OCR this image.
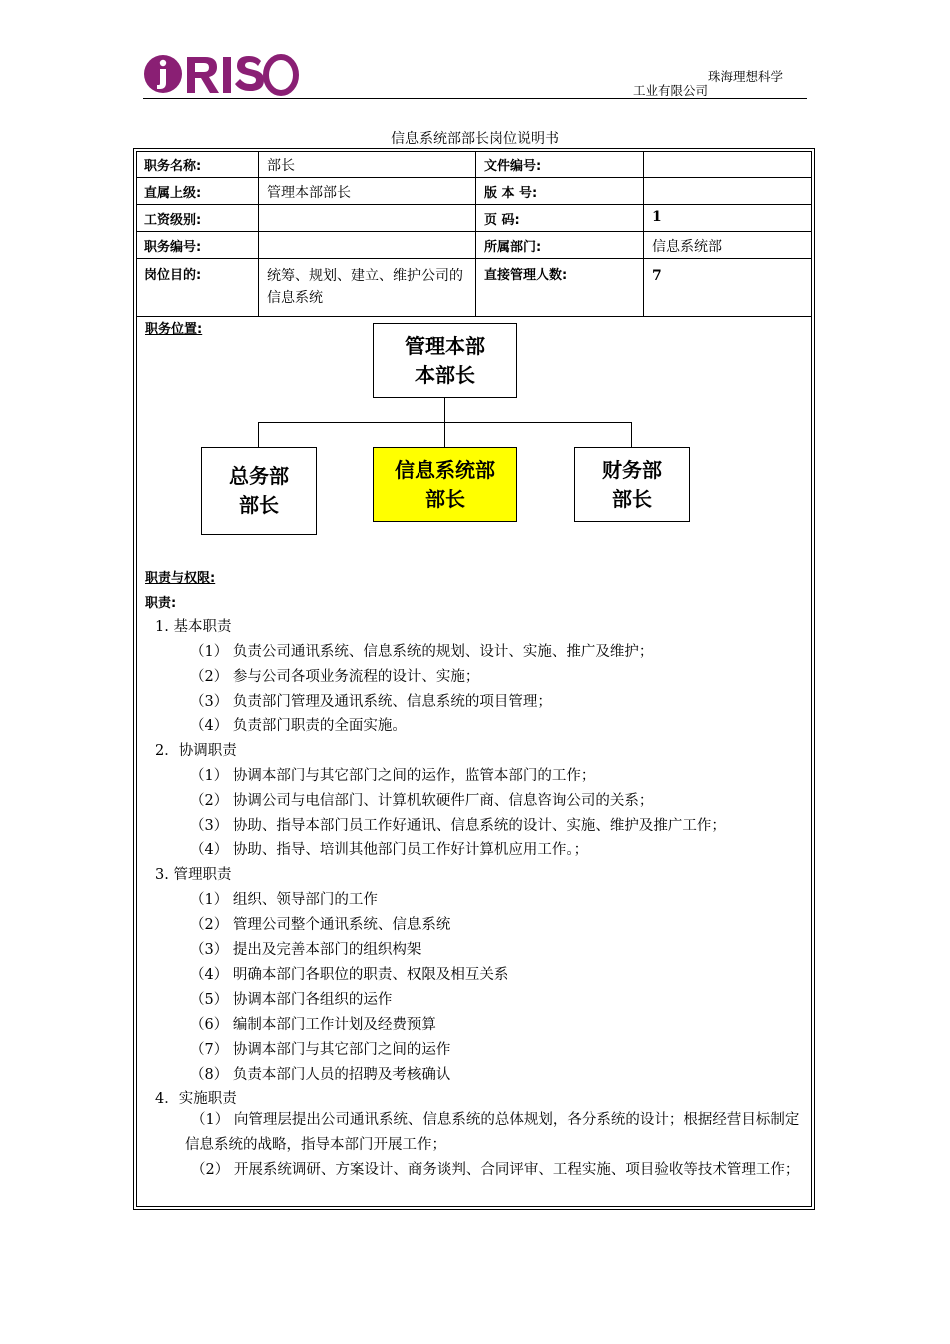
iRISO
珠海理想科学
工业有限公司
信息系统部部长岗位说明书
职务名称:	部长	文件编号:	
直属上级:	管理本部部长	版 本 号:	
工资级别:		页 码:	1
职务编号:		所属部门:	信息系统部
岗位目的:	统筹、规划、建立、维护公司的信息系统	直接管理人数:	7
职务位置:
管理本部
本部长
总务部
部长
信息系统部
部长
财务部
部长
职责与权限:
职责:
1. 基本职责
（1） 负责公司通讯系统、信息系统的规划、设计、实施、推广及维护；
（2） 参与公司各项业务流程的设计、实施；
（3） 负责部门管理及通讯系统、信息系统的项目管理；
（4） 负责部门职责的全面实施。
2．协调职责
（1） 协调本部门与其它部门之间的运作，监管本部门的工作；
（2） 协调公司与电信部门、计算机软硬件厂商、信息咨询公司的关系；
（3） 协助、指导本部门员工作好通讯、信息系统的设计、实施、维护及推广工作；
（4） 协助、指导、培训其他部门员工作好计算机应用工作。；
3. 管理职责
（1） 组织、领导部门的工作
（2） 管理公司整个通讯系统、信息系统
（3） 提出及完善本部门的组织构架
（4） 明确本部门各职位的职责、权限及相互关系
（5） 协调本部门各组织的运作
（6） 编制本部门工作计划及经费预算
（7） 协调本部门与其它部门之间的运作
（8） 负责本部门人员的招聘及考核确认
4．实施职责
（1） 向管理层提出公司通讯系统、信息系统的总体规划，各分系统的设计；根据经营目标制定信息系统的战略，指导本部门开展工作；
（2） 开展系统调研、方案设计、商务谈判、合同评审、工程实施、项目验收等技术管理工作；
